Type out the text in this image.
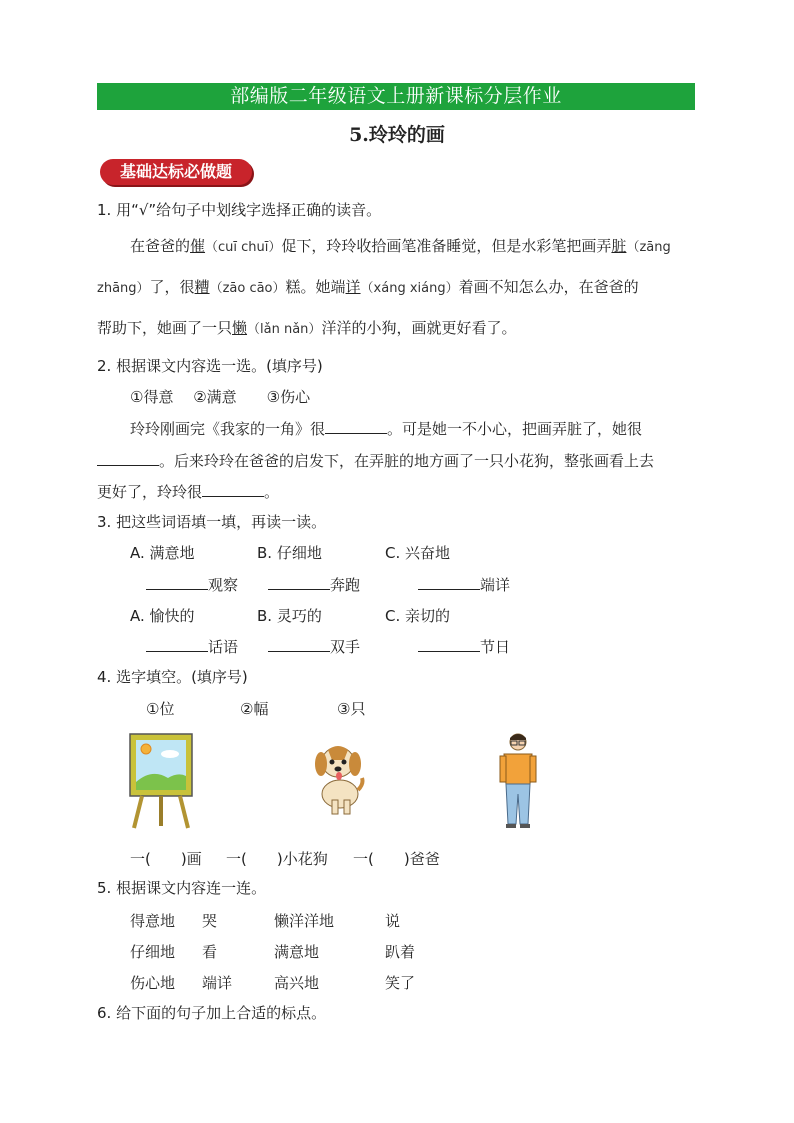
部编版二年级语文上册新课标分层作业
5.玲玲的画
基础达标必做题
1. 用“√”给句子中划线字选择正确的读音。
在爸爸的催（cuī chuī）促下，玲玲收拾画笔准备睡觉，但是水彩笔把画弄脏（zāng
zhāng）了，很糟（zāo cāo）糕。她端详（xáng xiáng）着画不知怎么办，在爸爸的
帮助下，她画了一只懒（lǎn nǎn）洋洋的小狗，画就更好看了。
2. 根据课文内容选一选。(填序号)
①得意　 ②满意　　③伤心
玲玲刚画完《我家的一角》很	。可是她一不小心，把画弄脏了，她很
。后来玲玲在爸爸的启发下，在弄脏的地方画了一只小花狗，整张画看上去
更好了，玲玲很	。
3. 把这些词语填一填，再读一读。
A. 满意地	B. 仔细地	C. 兴奋地
观察	奔跑	端详
A. 愉快的	B. 灵巧的	C. 亲切的
话语	双手	节日
4. 选字填空。(填序号)
①位	②幅	③只
一(　　)画 一(　　)小花狗 一(　　)爸爸
5. 根据课文内容连一连。
得意地 哭	懒洋洋地	说
仔细地 看	满意地	趴着
伤心地 端详	高兴地	笑了
6. 给下面的句子加上合适的标点。
